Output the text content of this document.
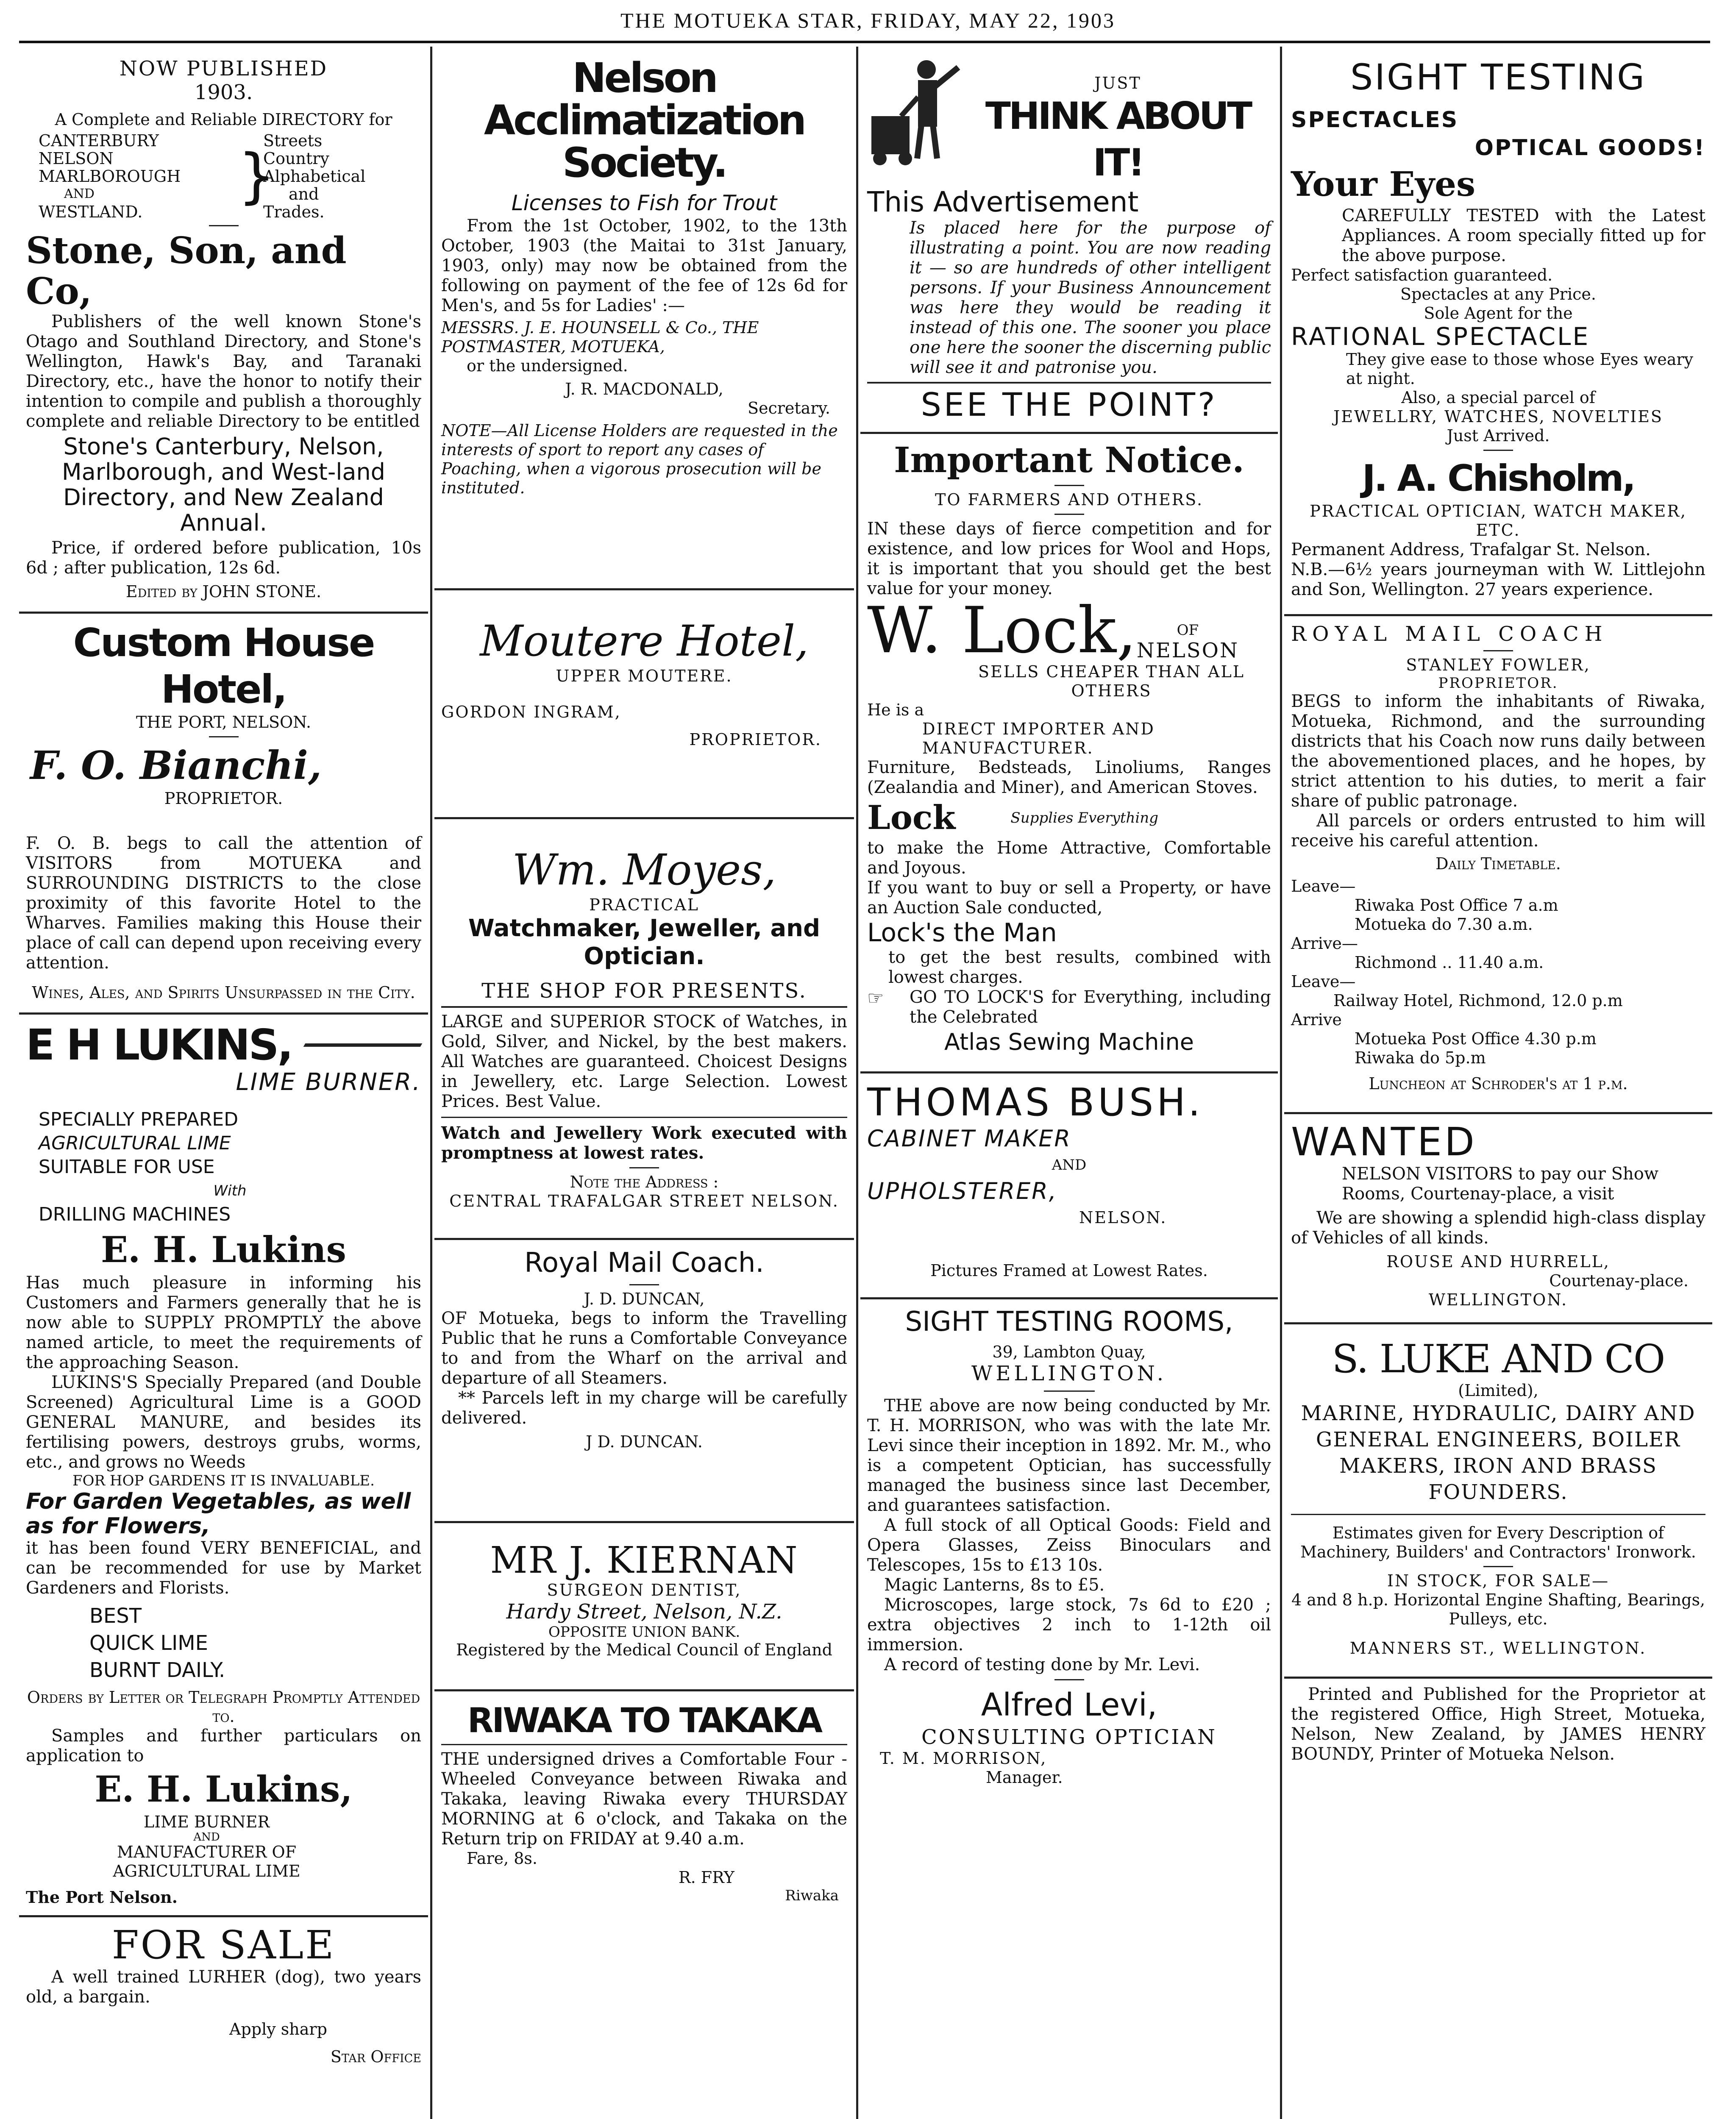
THE MOTUEKA STAR, FRIDAY, MAY 22, 1903

NOW PUBLISHED

1903.

A Complete and Reliable DIRECTORY for

CANTERBURY

NELSON

MARLBOROUGH

AND

WESTLAND.

}

Streets

Country

Alphabetical

and

Trades.

Stone, Son, and Co,

Publishers of the well known Stone's Otago and Southland Directory, and Stone's Wellington, Hawk's Bay, and Taranaki Directory, etc., have the honor to notify their intention to compile and publish a thoroughly complete and reliable Directory to be entitled

Stone's Canterbury, Nelson, Marlborough, and West-land Directory, and New Zealand Annual.

Price, if ordered before publication, 10s 6d ; after publication, 12s 6d.

Edited by JOHN STONE.

Custom House Hotel,

THE PORT, NELSON.

F. O. Bianchi,

PROPRIETOR.

F. O. B. begs to call the attention of VISITORS from MOTUEKA and SURROUNDING DISTRICTS to the close proximity of this favorite Hotel to the Wharves. Families making this House their place of call can depend upon receiving every attention.

Wines, Ales, and Spirits Unsurpassed in the City.

E H LUKINS,

LIME BURNER.

SPECIALLY PREPARED

AGRICULTURAL LIME

SUITABLE FOR USE

With

DRILLING MACHINES

E. H. Lukins

Has much pleasure in informing his Customers and Farmers generally that he is now able to SUPPLY PROMPTLY the above named article, to meet the requirements of the approaching Season.

LUKINS'S Specially Prepared (and Double Screened) Agricultural Lime is a GOOD GENERAL MANURE, and besides its fertilising powers, destroys grubs, worms, etc., and grows no Weeds

FOR HOP GARDENS IT IS INVALUABLE.

For Garden Vegetables, as well as for Flowers,

it has been found VERY BENEFICIAL, and can be recommended for use by Market Gardeners and Florists.

BEST

QUICK LIME

BURNT DAILY.

Orders by Letter or Telegraph Promptly Attended to.

Samples and further particulars on application to

E. H. Lukins,

LIME BURNER

AND

MANUFACTURER OF

AGRICULTURAL LIME

The Port Nelson.

FOR SALE

A well trained LURHER (dog), two years old, a bargain.

Apply sharp

Star Office

Nelson Acclimatization Society.

Licenses to Fish for Trout

From the 1st October, 1902, to the 13th October, 1903 (the Maitai to 31st January, 1903, only) may now be obtained from the following on payment of the fee of 12s 6d for Men's, and 5s for Ladies' :—

MESSRS. J. E. HOUNSELL & Co., THE POSTMASTER, MOTUEKA,

or the undersigned.

J. R. MACDONALD,

Secretary.

NOTE—All License Holders are requested in the interests of sport to report any cases of Poaching, when a vigorous prosecution will be instituted.

Moutere Hotel,

UPPER MOUTERE.

GORDON INGRAM,

PROPRIETOR.

Wm. Moyes,

PRACTICAL

Watchmaker, Jeweller, and Optician.

THE SHOP FOR PRESENTS.

LARGE and SUPERIOR STOCK of Watches, in Gold, Silver, and Nickel, by the best makers. All Watches are guaranteed. Choicest Designs in Jewellery, etc. Large Selection. Lowest Prices. Best Value.

Watch and Jewellery Work executed with promptness at lowest rates.

Note the Address :

CENTRAL TRAFALGAR STREET NELSON.

Royal Mail Coach.

J. D. DUNCAN,

OF Motueka, begs to inform the Travelling Public that he runs a Comfortable Conveyance to and from the Wharf on the arrival and departure of all Steamers.

** Parcels left in my charge will be carefully delivered.

J D. DUNCAN.

MR J. KIERNAN

SURGEON DENTIST,

Hardy Street, Nelson, N.Z.

OPPOSITE UNION BANK.

Registered by the Medical Council of England

RIWAKA TO TAKAKA

THE undersigned drives a Comfortable Four - Wheeled Conveyance between Riwaka and Takaka, leaving Riwaka every THURSDAY MORNING at 6 o'clock, and Takaka on the Return trip on FRIDAY at 9.40 a.m.

Fare, 8s.

R. FRY

Riwaka

JUST

THINK ABOUT IT!

This Advertisement

Is placed here for the purpose of illustrating a point. You are now reading it — so are hundreds of other intelligent persons. If your Business Announcement was here they would be reading it instead of this one. The sooner you place one here the sooner the discerning public will see it and patronise you.

SEE THE POINT?

Important Notice.

TO FARMERS AND OTHERS.

IN these days of fierce competition and for existence, and low prices for Wool and Hops, it is important that you should get the best value for your money.

W. Lock,	OF

NELSON

SELLS CHEAPER THAN ALL OTHERS

He is a

DIRECT IMPORTER AND MANUFACTURER.

Furniture, Bedsteads, Linoliums, Ranges (Zealandia and Miner), and American Stoves.

Lock	Supplies Everything

to make the Home Attractive, Comfortable and Joyous.

If you want to buy or sell a Property, or have an Auction Sale conducted,

Lock's the Man

to get the best results, combined with lowest charges.

☞	GO TO LOCK'S for Everything, including the Celebrated

Atlas Sewing Machine

THOMAS BUSH.

CABINET MAKER

AND

UPHOLSTERER,

NELSON.

Pictures Framed at Lowest Rates.

SIGHT TESTING ROOMS,

39, Lambton Quay,

WELLINGTON.

THE above are now being conducted by Mr. T. H. MORRISON, who was with the late Mr. Levi since their inception in 1892. Mr. M., who is a competent Optician, has successfully managed the business since last December, and guarantees satisfaction.

A full stock of all Optical Goods: Field and Opera Glasses, Zeiss Binoculars and Telescopes, 15s to £13 10s.

Magic Lanterns, 8s to £5.

Microscopes, large stock, 7s 6d to £20 ; extra objectives 2 inch to 1-12th oil immersion.

A record of testing done by Mr. Levi.

Alfred Levi,

CONSULTING OPTICIAN

T. M. MORRISON,

Manager.

SIGHT TESTING

SPECTACLES

OPTICAL GOODS!

Your Eyes

CAREFULLY TESTED with the Latest Appliances. A room specially fitted up for the above purpose.

Perfect satisfaction guaranteed.

Spectacles at any Price.

Sole Agent for the

RATIONAL SPECTACLE

They give ease to those whose Eyes weary at night.

Also, a special parcel of

JEWELLRY, WATCHES, NOVELTIES

Just Arrived.

J. A. Chisholm,

PRACTICAL OPTICIAN, WATCH MAKER, ETC.

Permanent Address, Trafalgar St. Nelson.

N.B.—6½ years journeyman with W. Littlejohn and Son, Wellington. 27 years experience.

ROYAL MAIL COACH

STANLEY FOWLER,

PROPRIETOR.

BEGS to inform the inhabitants of Riwaka, Motueka, Richmond, and the surrounding districts that his Coach now runs daily between the abovementioned places, and he hopes, by strict attention to his duties, to merit a fair share of public patronage.

All parcels or orders entrusted to him will receive his careful attention.

Daily Timetable.

Leave—

Riwaka Post Office 7 a.m

Motueka do 7.30 a.m.

Arrive—

Richmond .. 11.40 a.m.

Leave—

Railway Hotel, Richmond, 12.0 p.m

Arrive

Motueka Post Office 4.30 p.m

Riwaka do 5p.m

Luncheon at Schroder's at 1 p.m.

WANTED

NELSON VISITORS to pay our Show Rooms, Courtenay-place, a visit

We are showing a splendid high-class display of Vehicles of all kinds.

ROUSE AND HURRELL,

Courtenay-place.

WELLINGTON.

S. LUKE AND CO

(Limited),

MARINE, HYDRAULIC, DAIRY AND GENERAL ENGINEERS, BOILER MAKERS, IRON AND BRASS FOUNDERS.

Estimates given for Every Description of Machinery, Builders' and Contractors' Ironwork.

IN STOCK, FOR SALE—

4 and 8 h.p. Horizontal Engine Shafting, Bearings, Pulleys, etc.

MANNERS ST., WELLINGTON.

Printed and Published for the Proprietor at the registered Office, High Street, Motueka, Nelson, New Zealand, by JAMES HENRY BOUNDY, Printer of Motueka Nelson.
